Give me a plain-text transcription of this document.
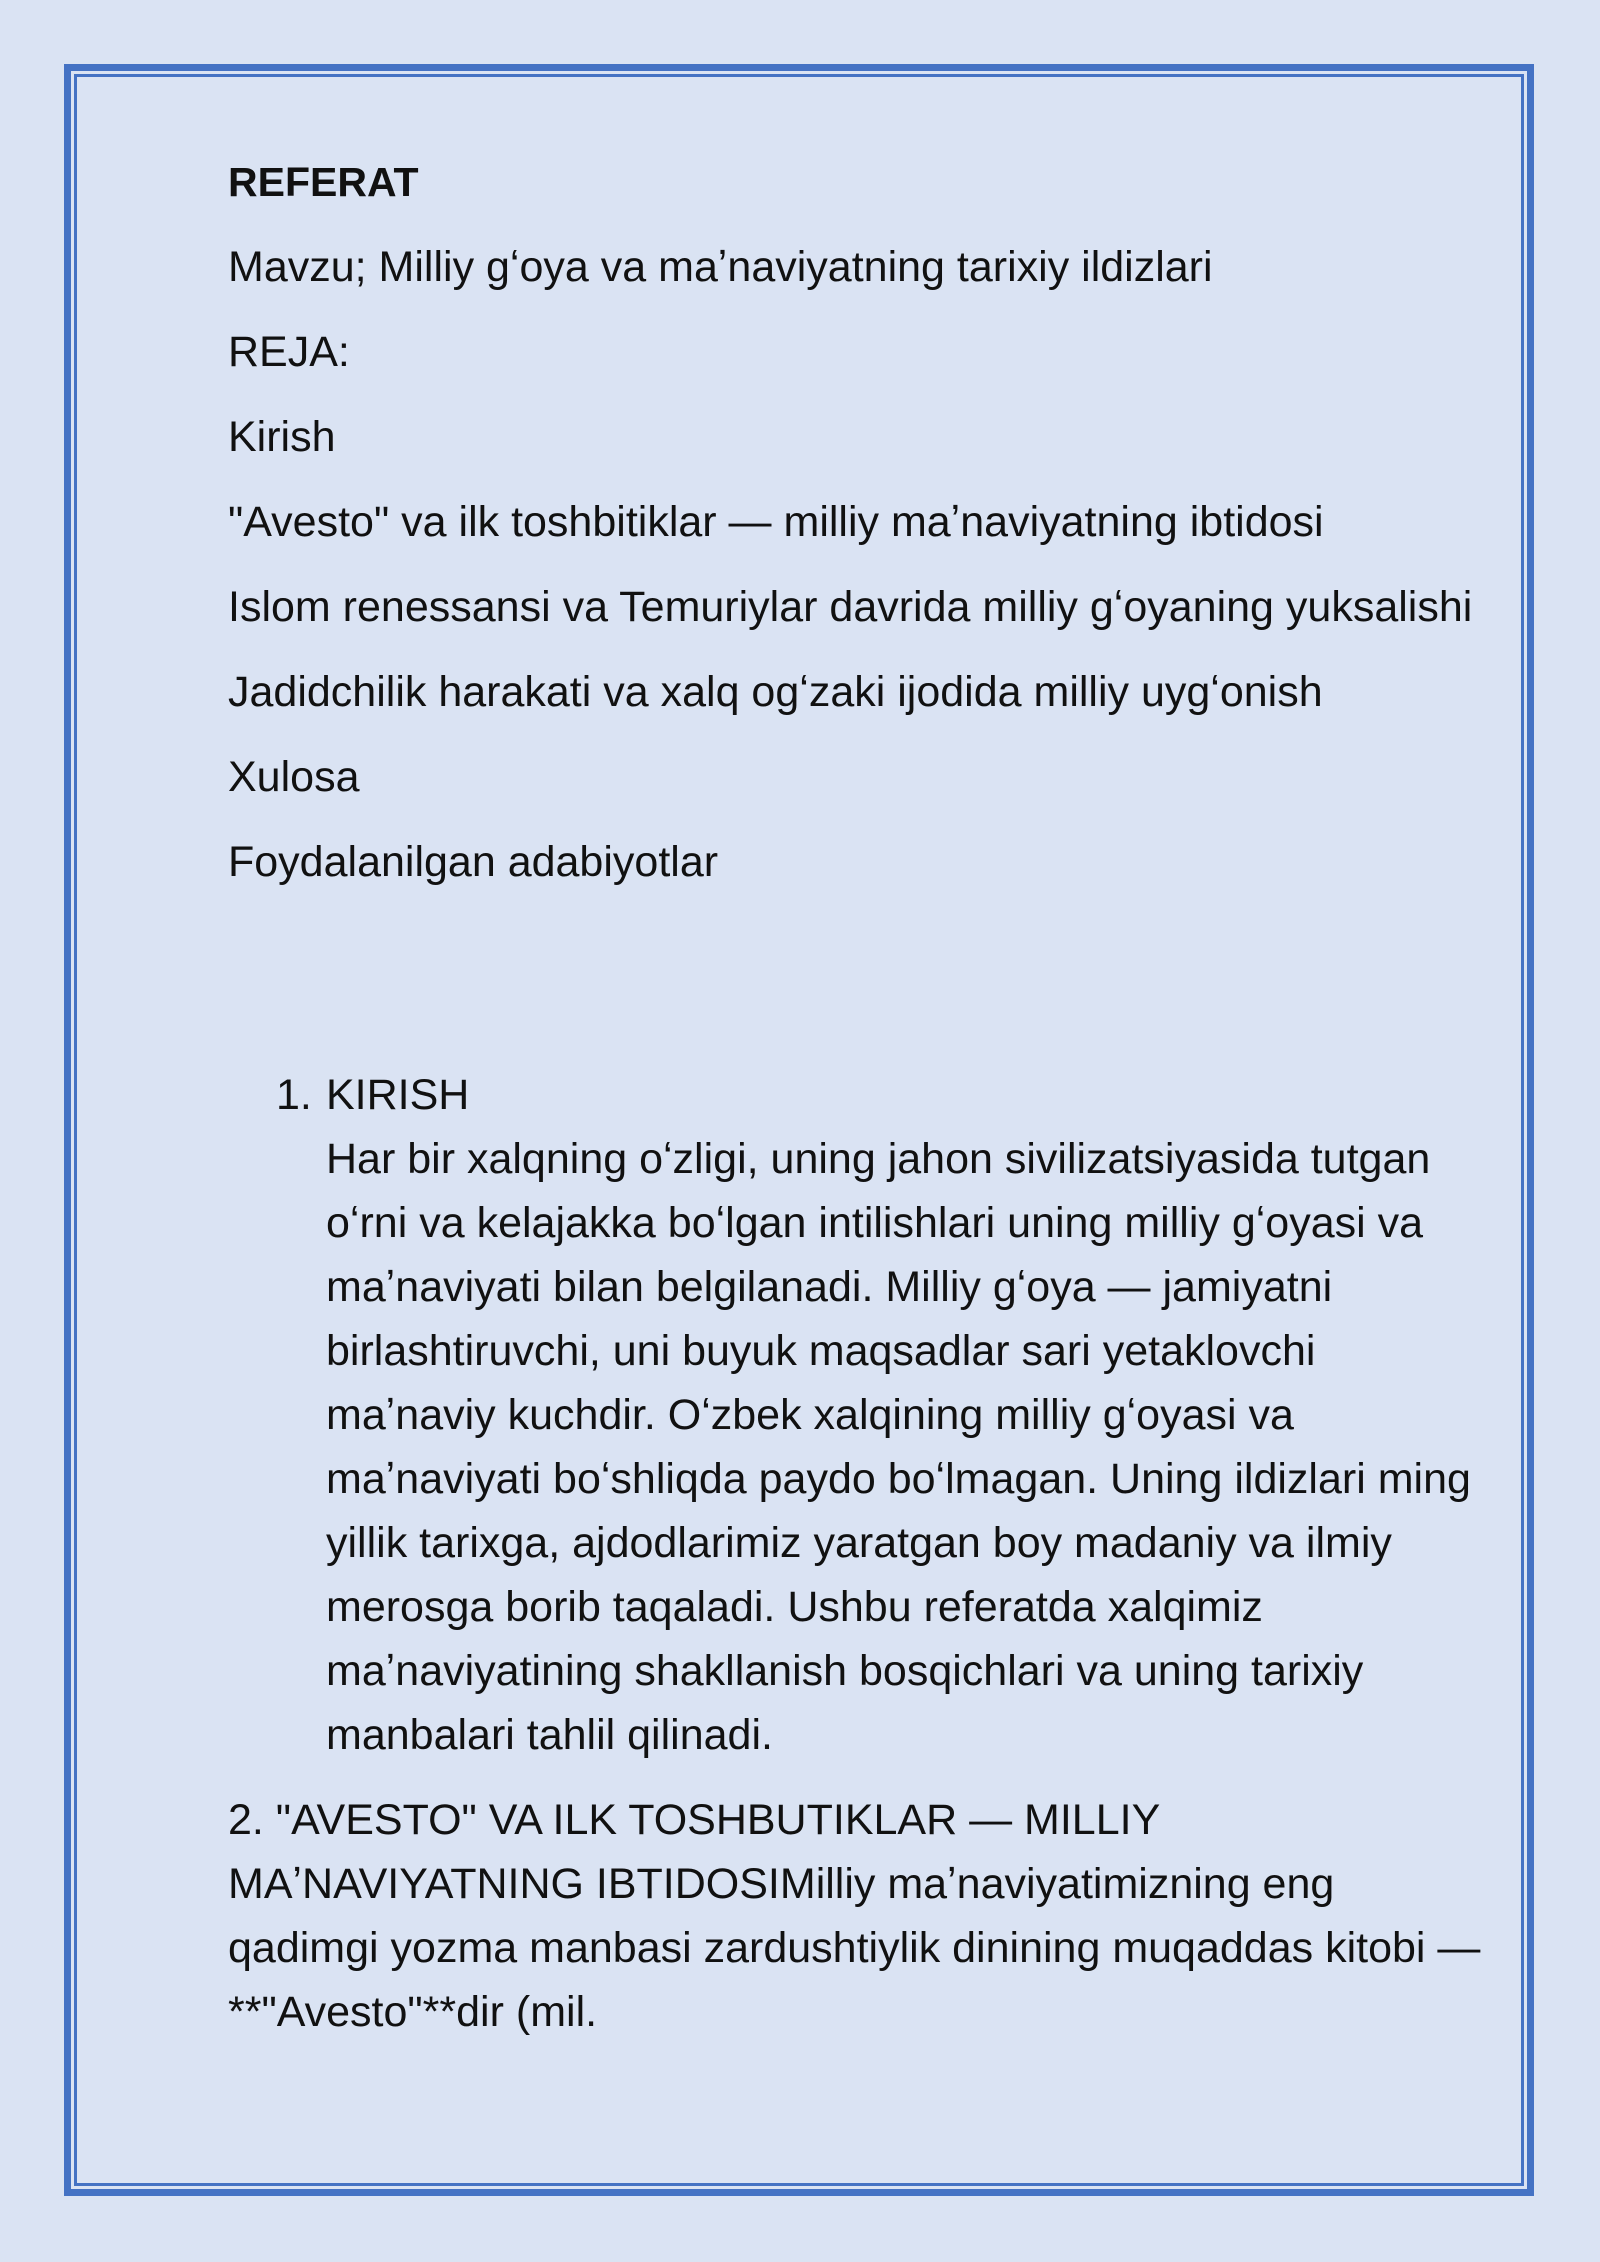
REFERAT

Mavzu; Milliy gʻoya va maʼnaviyatning tarixiy ildizlari

REJA:

Kirish

"Avesto" va ilk toshbitiklar — milliy maʼnaviyatning ibtidosi

Islom renessansi va Temuriylar davrida milliy gʻoyaning yuksalishi

Jadidchilik harakati va xalq ogʻzaki ijodida milliy uygʻonish

Xulosa

Foydalanilgan adabiyotlar

1. KIRISH
Har bir xalqning oʻzligi, uning jahon sivilizatsiyasida tutgan oʻrni va kelajakka boʻlgan intilishlari uning milliy gʻoyasi va maʼnaviyati bilan belgilanadi. Milliy gʻoya — jamiyatni birlashtiruvchi, uni buyuk maqsadlar sari yetaklovchi maʼnaviy kuchdir. Oʻzbek xalqining milliy gʻoyasi va maʼnaviyati boʻshliqda paydo boʻlmagan. Uning ildizlari ming yillik tarixga, ajdodlarimiz yaratgan boy madaniy va ilmiy merosga borib taqaladi. Ushbu referatda xalqimiz maʼnaviyatining shakllanish bosqichlari va uning tarixiy manbalari tahlil qilinadi.

2. "AVESTO" VA ILK TOSHBUTIKLAR — MILLIY MAʼNAVIYATNING IBTIDOSIMilliy maʼnaviyatimizning eng qadimgi yozma manbasi zardushtiylik dinining muqaddas kitobi — **"Avesto"**dir (mil.
